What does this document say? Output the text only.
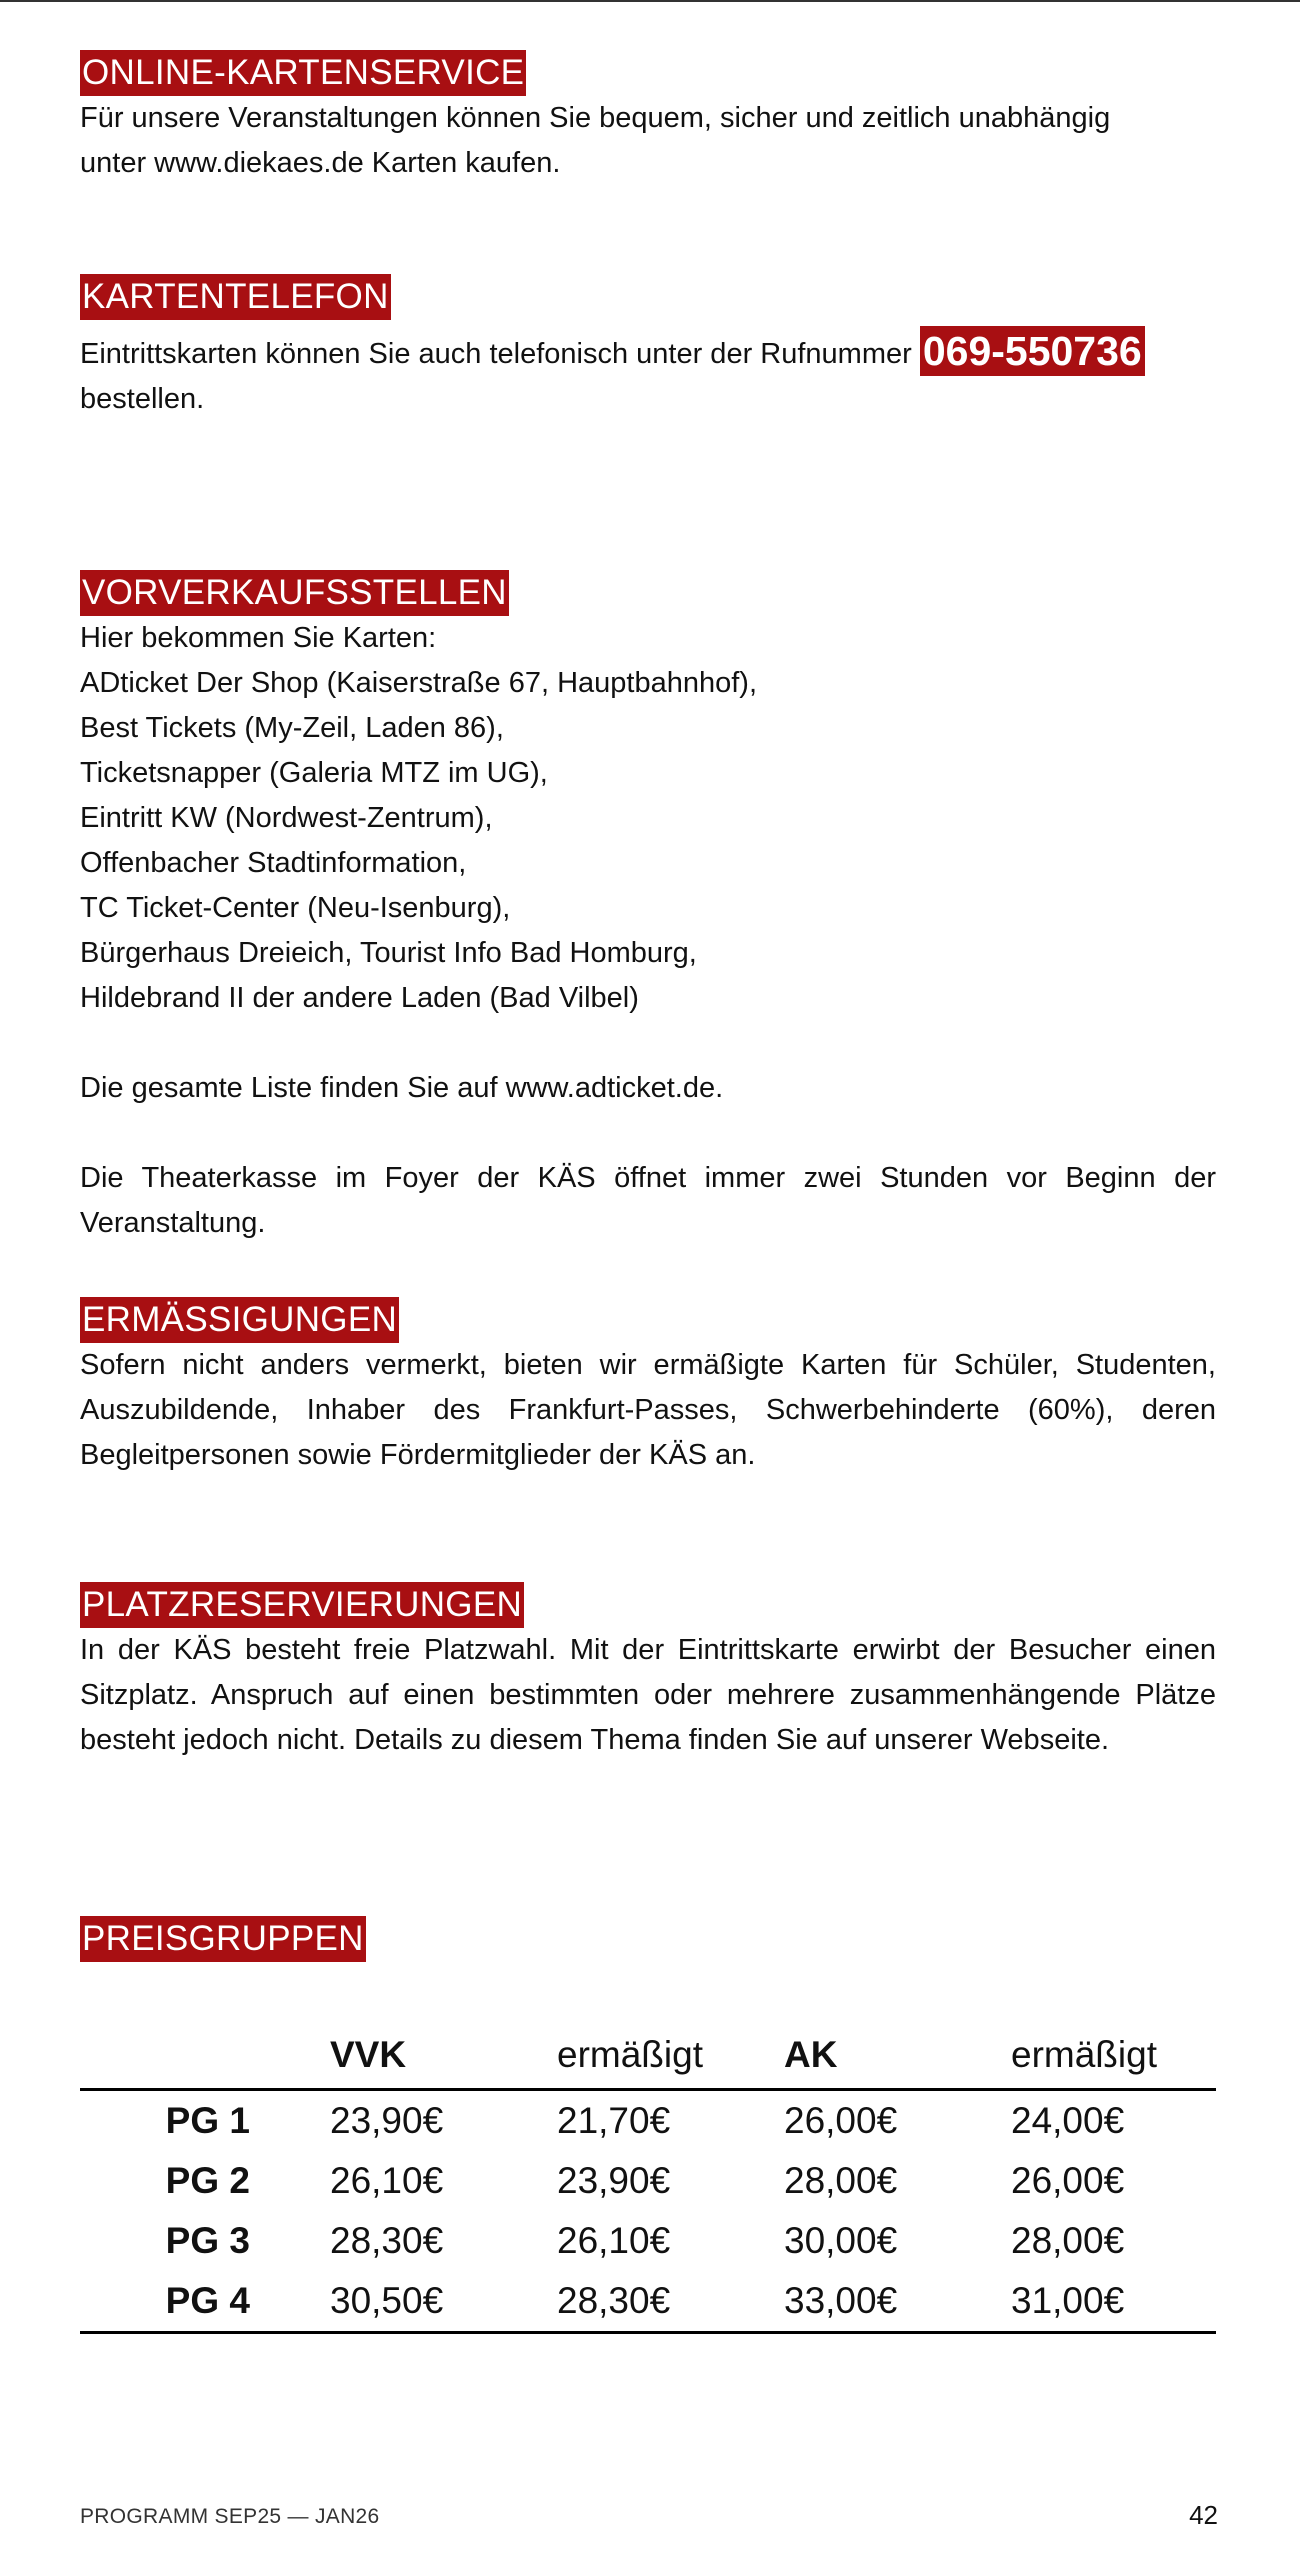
ONLINE-KARTENSERVICE

Für unsere Veranstaltungen können Sie bequem, sicher und zeitlich unabhängig unter www.diekaes.de Karten kaufen.

KARTENTELEFON

Eintrittskarten können Sie auch telefonisch unter der Rufnummer 069-550736
bestellen.

VORVERKAUFSSTELLEN

Hier bekommen Sie Karten:
ADticket Der Shop (Kaiserstraße 67, Hauptbahnhof),
Best Tickets (My-Zeil, Laden 86),
Ticketsnapper (Galeria MTZ im UG),
Eintritt KW (Nordwest-Zentrum),
Offenbacher Stadtinformation,
TC Ticket-Center (Neu-Isenburg),
Bürgerhaus Dreieich, Tourist Info Bad Homburg,
Hildebrand II der andere Laden (Bad Vilbel)

Die gesamte Liste finden Sie auf www.adticket.de.

Die Theaterkasse im Foyer der KÄS öffnet immer zwei Stunden vor Beginn der Veranstaltung.

ERMÄSSIGUNGEN

Sofern nicht anders vermerkt, bieten wir ermäßigte Karten für Schüler, Studenten, Auszubildende, Inhaber des Frankfurt-Passes, Schwerbehinderte (60%), deren Begleitpersonen sowie Fördermitglieder der KÄS an.

PLATZRESERVIERUNGEN

In der KÄS besteht freie Platzwahl. Mit der Eintrittskarte erwirbt der Besucher einen Sitzplatz. Anspruch auf einen bestimmten oder mehrere zusammenhängende Plätze besteht jedoch nicht. Details zu diesem Thema finden Sie auf unserer Webseite.

PREISGRUPPEN
	VVK	ermäßigt	AK	ermäßigt
PG 1	23,90€	21,70€	26,00€	24,00€
PG 2	26,10€	23,90€	28,00€	26,00€
PG 3	28,30€	26,10€	30,00€	28,00€
PG 4	30,50€	28,30€	33,00€	31,00€
PROGRAMM SEP25 — JAN26	42
